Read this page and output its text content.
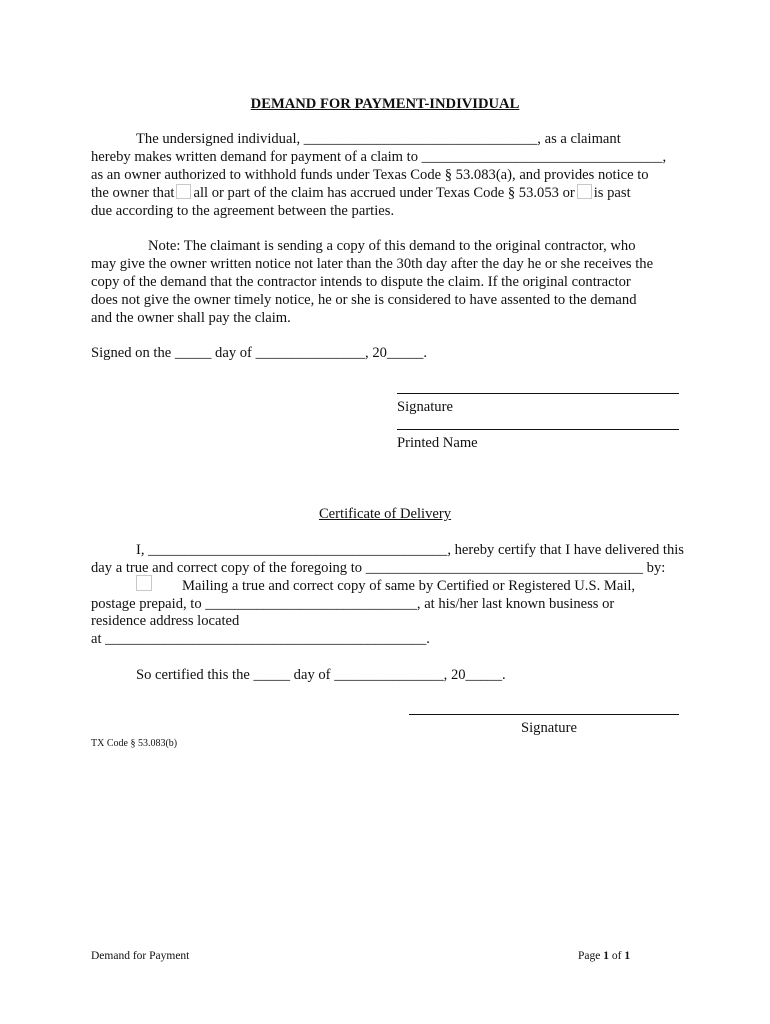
DEMAND FOR PAYMENT-INDIVIDUAL
The undersigned individual, ________________________________, as a claimant
hereby makes written demand for payment of a claim to _________________________________,
as an owner authorized to withhold funds under Texas Code § 53.083(a), and provides notice to
the owner that all or part of the claim has accrued under Texas Code § 53.053 or is past
due according to the agreement between the parties.
Note: The claimant is sending a copy of this demand to the original contractor, who
may give the owner written notice not later than the 30th day after the day he or she receives the
copy of the demand that the contractor intends to dispute the claim. If the original contractor
does not give the owner timely notice, he or she is considered to have assented to the demand
and the owner shall pay the claim.
Signed on the _____ day of _______________, 20_____.
Signature
Printed Name
Certificate of Delivery
I, _________________________________________, hereby certify that I have delivered this
day a true and correct copy of the foregoing to ______________________________________ by:
Mailing a true and correct copy of same by Certified or Registered U.S. Mail,
postage prepaid, to _____________________________, at his/her last known business or
residence address located
at ____________________________________________.
So certified this the _____ day of _______________, 20_____.
Signature
TX Code § 53.083(b)
Demand for Payment	Page 1 of 1
